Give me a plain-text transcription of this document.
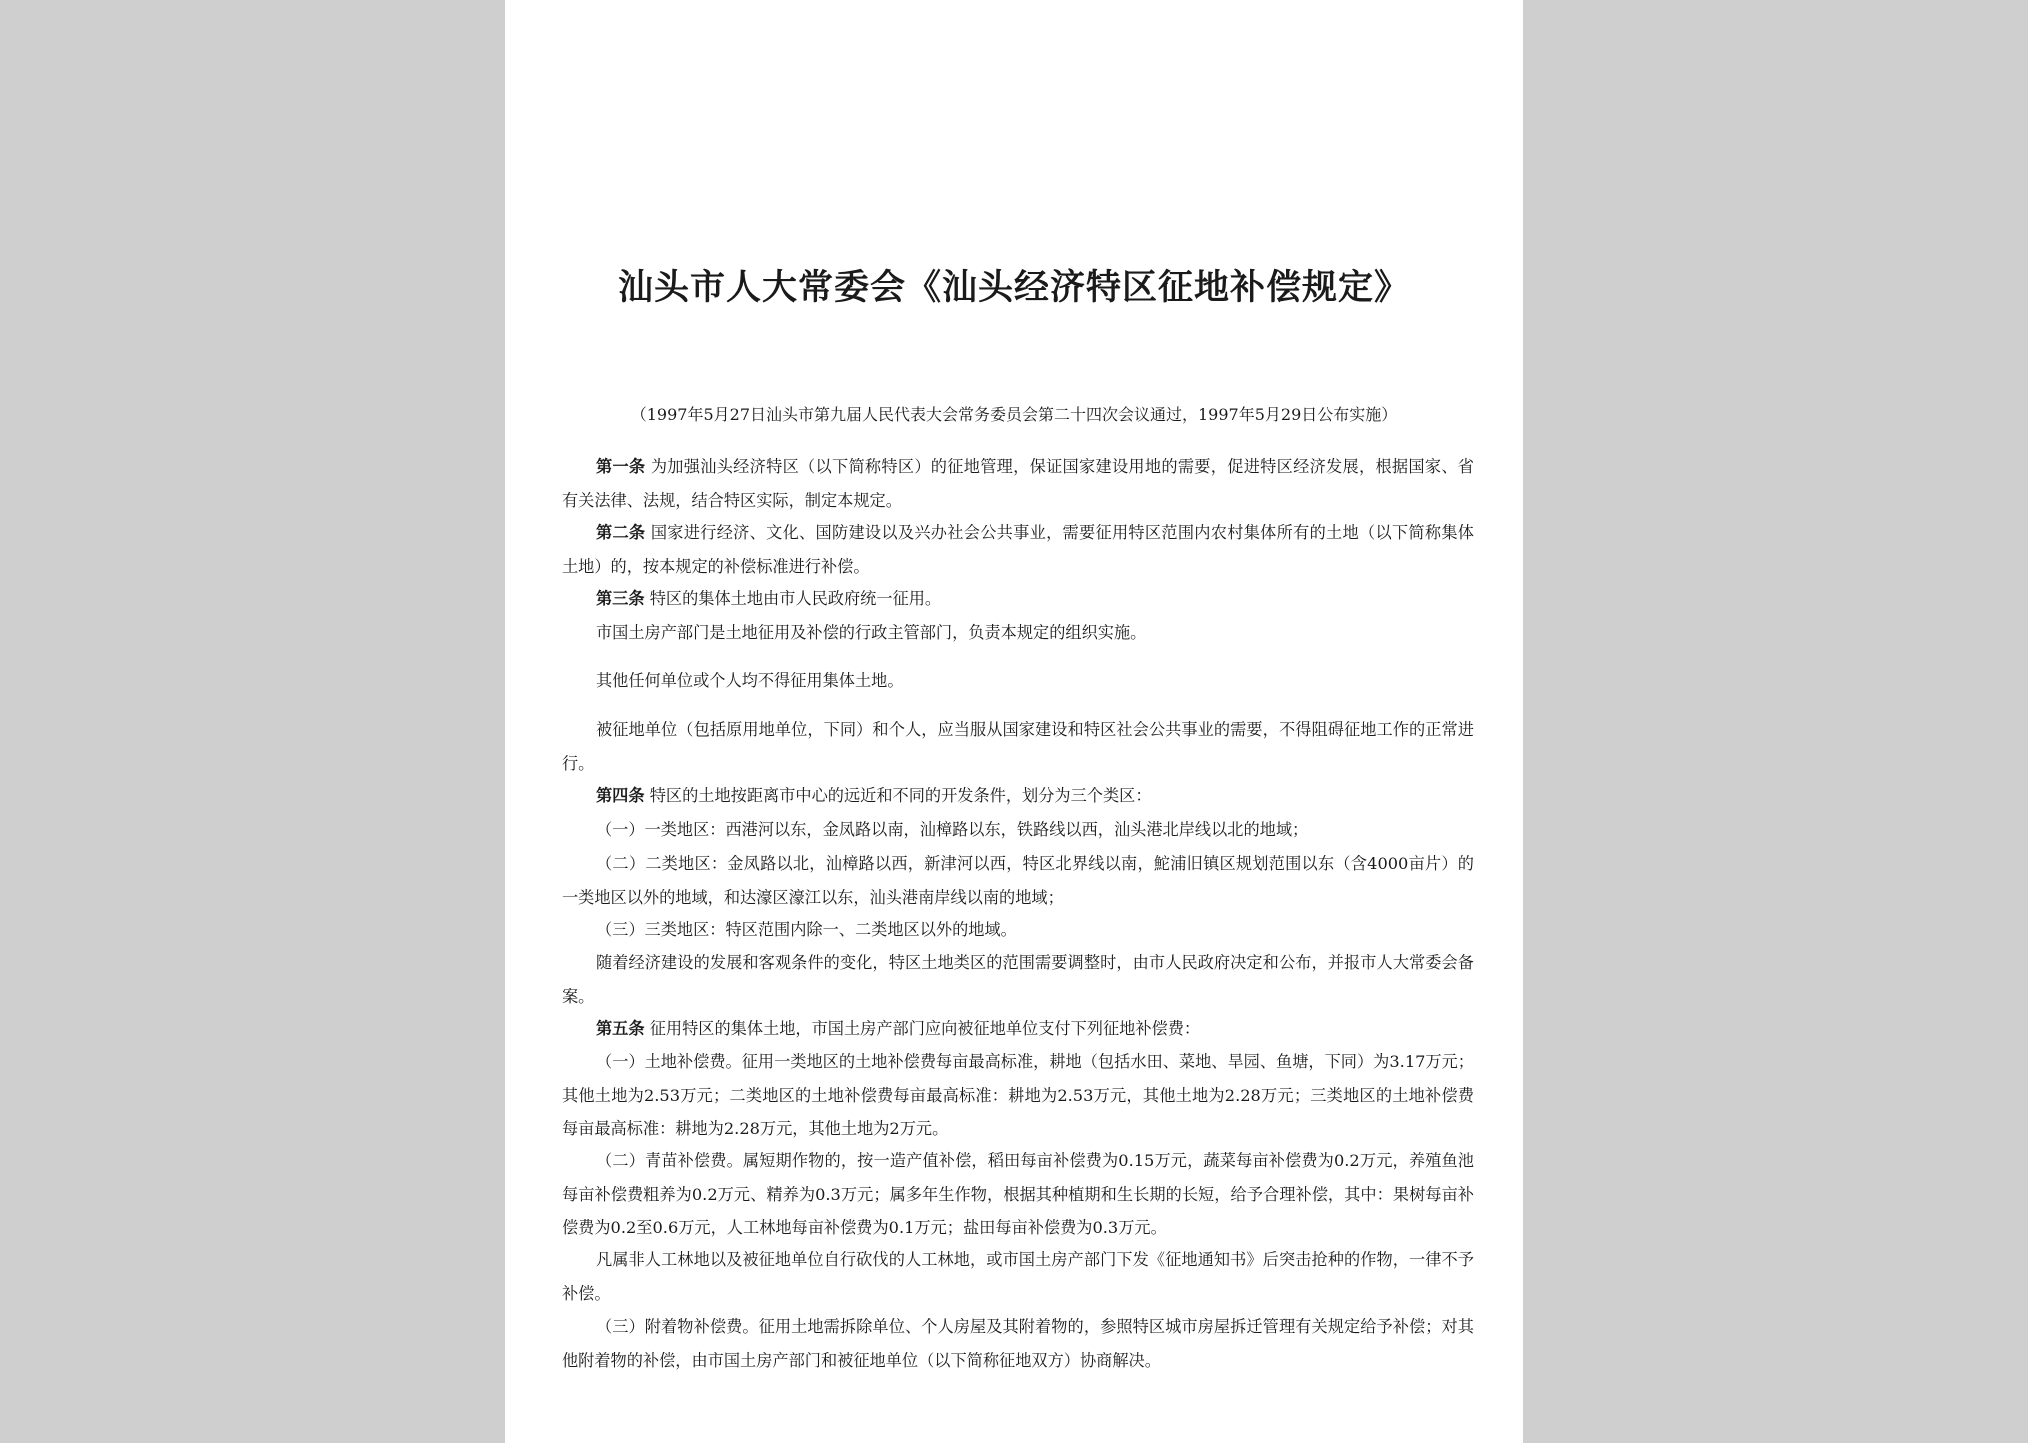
汕头市人大常委会《汕头经济特区征地补偿规定》
（1997年5月27日汕头市第九届人民代表大会常务委员会第二十四次会议通过，1997年5月29日公布实施）

第一条 为加强汕头经济特区（以下简称特区）的征地管理，保证国家建设用地的需要，促进特区经济发展，根据国家、省有关法律、法规，结合特区实际，制定本规定。

第二条 国家进行经济、文化、国防建设以及兴办社会公共事业，需要征用特区范围内农村集体所有的土地（以下简称集体土地）的，按本规定的补偿标准进行补偿。

第三条 特区的集体土地由市人民政府统一征用。

市国土房产部门是土地征用及补偿的行政主管部门，负责本规定的组织实施。

其他任何单位或个人均不得征用集体土地。

被征地单位（包括原用地单位，下同）和个人，应当服从国家建设和特区社会公共事业的需要，不得阻碍征地工作的正常进行。

第四条 特区的土地按距离市中心的远近和不同的开发条件，划分为三个类区：

（一）一类地区：西港河以东，金凤路以南，汕樟路以东，铁路线以西，汕头港北岸线以北的地域；

（二）二类地区：金凤路以北，汕樟路以西，新津河以西，特区北界线以南，鮀浦旧镇区规划范围以东（含4000亩片）的一类地区以外的地域，和达濠区濠江以东，汕头港南岸线以南的地域；

（三）三类地区：特区范围内除一、二类地区以外的地域。

随着经济建设的发展和客观条件的变化，特区土地类区的范围需要调整时，由市人民政府决定和公布，并报市人大常委会备案。

第五条 征用特区的集体土地，市国土房产部门应向被征地单位支付下列征地补偿费：

（一）土地补偿费。征用一类地区的土地补偿费每亩最高标准，耕地（包括水田、菜地、旱园、鱼塘，下同）为3.17万元；其他土地为2.53万元；二类地区的土地补偿费每亩最高标准：耕地为2.53万元，其他土地为2.28万元；三类地区的土地补偿费每亩最高标准：耕地为2.28万元，其他土地为2万元。

（二）青苗补偿费。属短期作物的，按一造产值补偿，稻田每亩补偿费为0.15万元，蔬菜每亩补偿费为0.2万元，养殖鱼池每亩补偿费粗养为0.2万元、精养为0.3万元；属多年生作物，根据其种植期和生长期的长短，给予合理补偿，其中：果树每亩补偿费为0.2至0.6万元，人工林地每亩补偿费为0.1万元；盐田每亩补偿费为0.3万元。

凡属非人工林地以及被征地单位自行砍伐的人工林地，或市国土房产部门下发《征地通知书》后突击抢种的作物，一律不予补偿。

（三）附着物补偿费。征用土地需拆除单位、个人房屋及其附着物的，参照特区城市房屋拆迁管理有关规定给予补偿；对其他附着物的补偿，由市国土房产部门和被征地单位（以下简称征地双方）协商解决。
